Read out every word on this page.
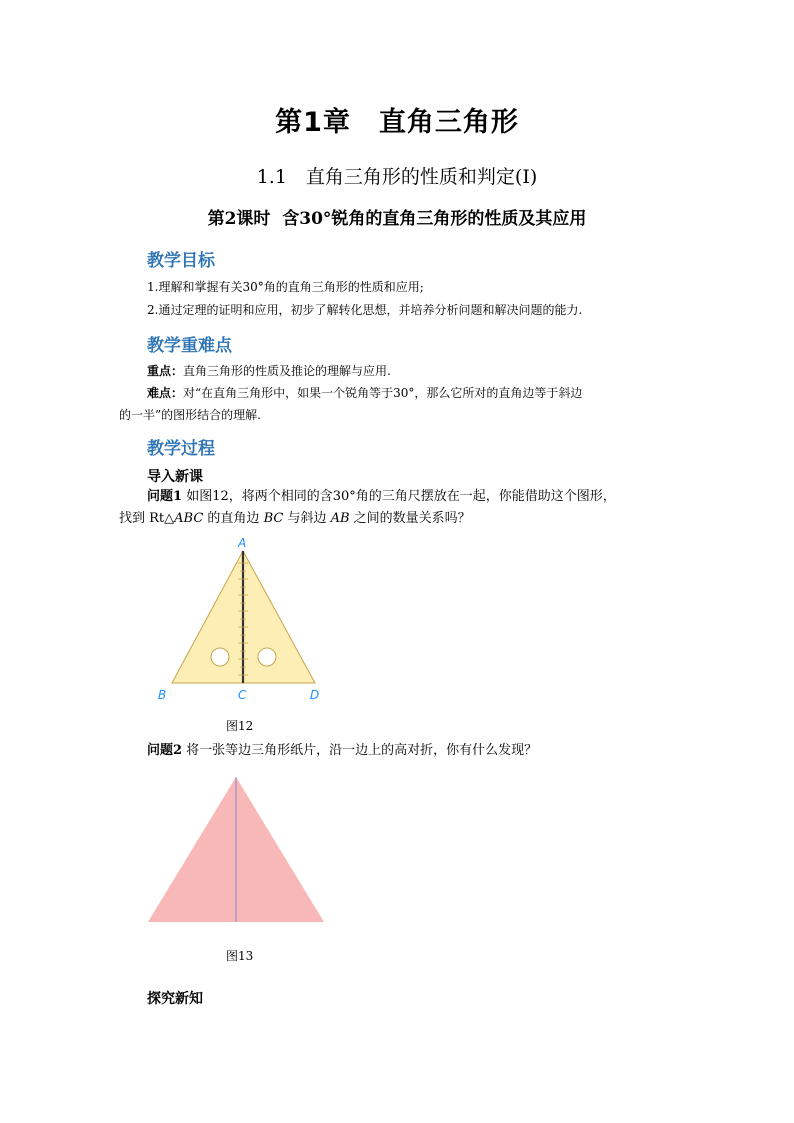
第1章　直角三角形
1.1　直角三角形的性质和判定(Ⅰ)
第2课时  含30°锐角的直角三角形的性质及其应用
教学目标
1.理解和掌握有关30°角的直角三角形的性质和应用;
2.通过定理的证明和应用，初步了解转化思想，并培养分析问题和解决问题的能力.
教学重难点
重点：直角三角形的性质及推论的理解与应用.
难点：对“在直角三角形中，如果一个锐角等于30°，那么它所对的直角边等于斜边
的一半”的图形结合的理解.
教学过程
导入新课
问题1 如图12，将两个相同的含30°角的三角尺摆放在一起，你能借助这个图形，
找到 Rt△ABC 的直角边 BC 与斜边 AB 之间的数量关系吗？
A
B	C	D
图12
问题2 将一张等边三角形纸片，沿一边上的高对折，你有什么发现？
图13
探究新知
